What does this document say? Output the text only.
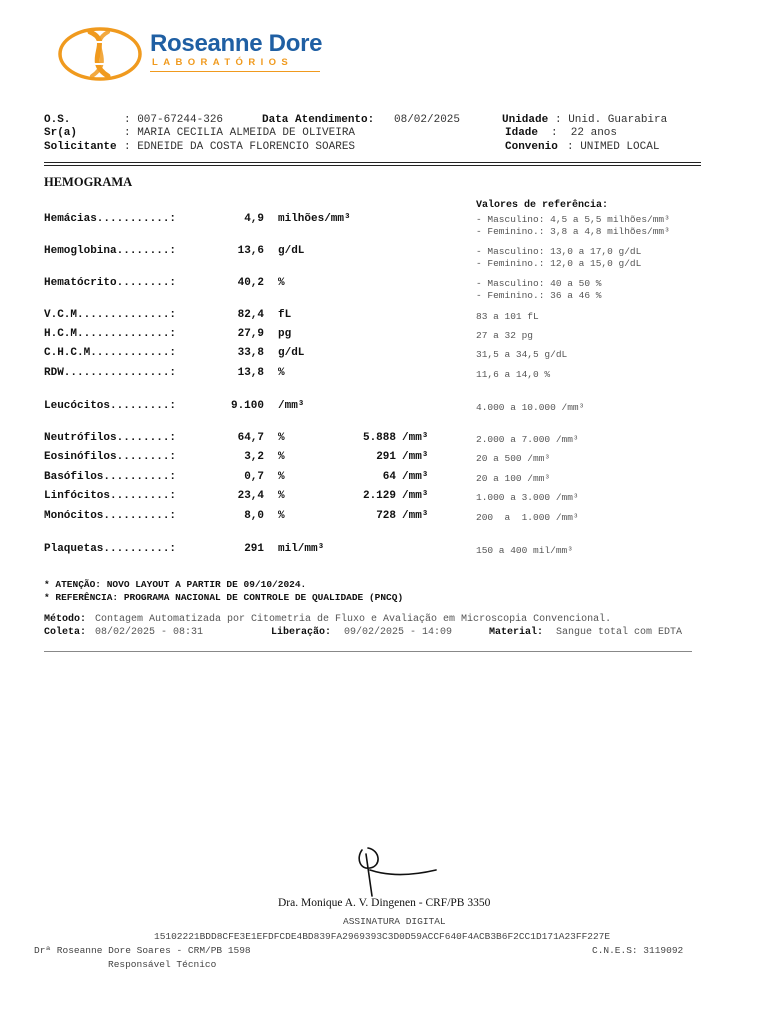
Roseanne Dore
LABORATÓRIOS
O.S.	: 007-67244-326	Data Atendimento: 08/02/2025	Unidade : Unid. Guarabira
Sr(a)	: MARIA CECILIA ALMEIDA DE OLIVEIRA	Idade :  22 anos
Solicitante : EDNEIDE DA COSTA FLORENCIO SOARES	Convenio : UNIMED LOCAL
HEMOGRAMA
Valores de referência:
Hemácias...........:	4,9 milhões/mm³	- Masculino: 4,5 a 5,5 milhões/mm³
- Feminino.: 3,8 a 4,8 milhões/mm³
Hemoglobina........:	13,6 g/dL	- Masculino: 13,0 a 17,0 g/dL
- Feminino.: 12,0 a 15,0 g/dL
Hematócrito........:	40,2 %	- Masculino: 40 a 50 %
- Feminino.: 36 a 46 %
V.C.M..............:	82,4 fL	83 a 101 fL
H.C.M..............:	27,9 pg	27 a 32 pg
C.H.C.M............:	33,8 g/dL	31,5 a 34,5 g/dL
RDW................:	13,8 %	11,6 a 14,0 %
Leucócitos.........:	9.100 /mm³	4.000 a 10.000 /mm³
Neutrófilos........:	64,7 %	5.888 /mm³	2.000 a 7.000 /mm³
Eosinófilos........:	3,2 %	291 /mm³	20 a 500 /mm³
Basófilos..........:	0,7 %	64 /mm³	20 a 100 /mm³
Linfócitos.........:	23,4 %	2.129 /mm³	1.000 a 3.000 /mm³
Monócitos..........:	8,0 %	728 /mm³	200  a  1.000 /mm³
Plaquetas..........:	291 mil/mm³	150 a 400 mil/mm³
* ATENÇÃO: NOVO LAYOUT A PARTIR DE 09/10/2024.
* REFERÊNCIA: PROGRAMA NACIONAL DE CONTROLE DE QUALIDADE (PNCQ)
Método: Contagem Automatizada por Citometria de Fluxo e Avaliação em Microscopia Convencional.
Coleta: 08/02/2025 - 08:31	Liberação: 09/02/2025 - 14:09	Material: Sangue total com EDTA
Dra. Monique A. V. Dingenen - CRF/PB 3350
ASSINATURA DIGITAL
15102221BDD8CFE3E1EFDFCDE4BD839FA2969393C3D0D59ACCF640F4ACB3B6F2CC1D171A23FF227E
Drª Roseanne Dore Soares - CRM/PB 1598	C.N.E.S: 3119092
Responsável Técnico
